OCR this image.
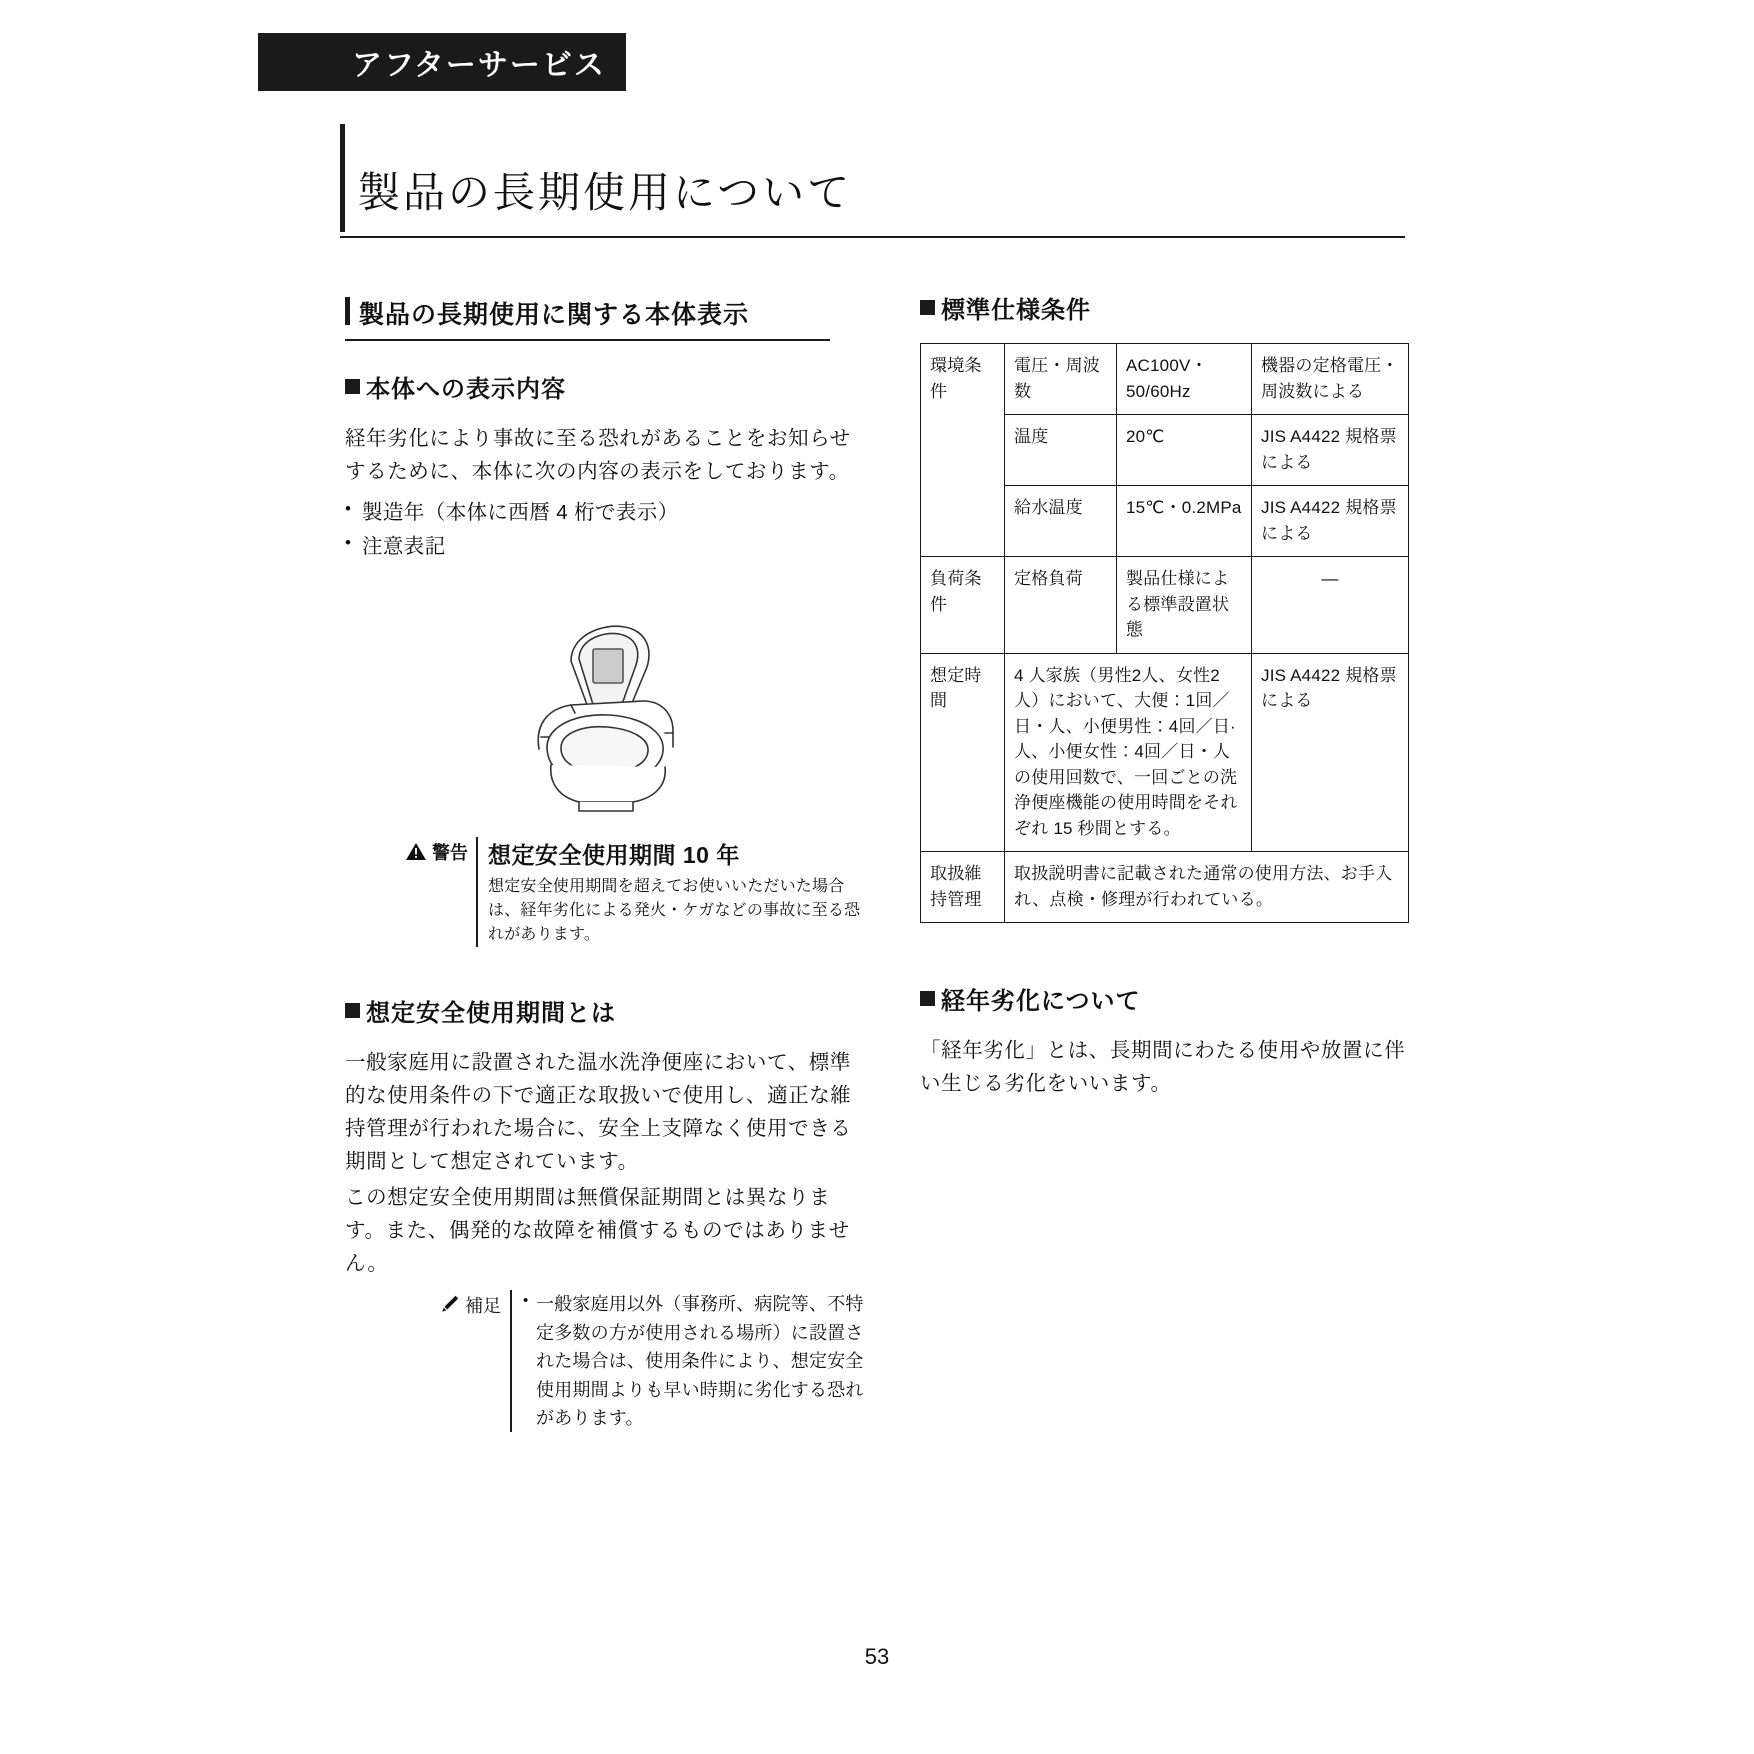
アフターサービス
製品の長期使用について
製品の長期使用に関する本体表示
本体への表示内容

経年劣化により事故に至る恐れがあることをお知らせするために、本体に次の内容の表示をしております。

• 製造年（本体に西暦 4 桁で表示）
• 注意表記
警告 想定安全使用期間 10 年
想定安全使用期間を超えてお使いいただいた場合は、経年劣化による発火・ケガなどの事故に至る恐れがあります。
想定安全使用期間とは

一般家庭用に設置された温水洗浄便座において、標準的な使用条件の下で適正な取扱いで使用し、適正な維持管理が行われた場合に、安全上支障なく使用できる期間として想定されています。

この想定安全使用期間は無償保証期間とは異なります。また、偶発的な故障を補償するものではありません。

補足 • 一般家庭用以外（事務所、病院等、不特定多数の方が使用される場所）に設置された場合は、使用条件により、想定安全使用期間よりも早い時期に劣化する恐れがあります。
標準仕様条件
環境条件	電圧・周波数	AC100V・50/60Hz	機器の定格電圧・周波数による
	温度	20℃	JIS A4422 規格票による
	給水温度	15℃・0.2MPa	JIS A4422 規格票による
負荷条件	定格負荷	製品仕様による標準設置状態	—
想定時間	4 人家族（男性2人、女性2人）において、大便：1回／日・人、小便男性：4回／日·人、小便女性：4回／日・人の使用回数で、一回ごとの洗浄便座機能の使用時間をそれぞれ 15 秒間とする。		JIS A4422 規格票による
取扱維持管理	取扱説明書に記載された通常の使用方法、お手入れ、点検・修理が行われている。		
経年劣化について

「経年劣化」とは、長期間にわたる使用や放置に伴い生じる劣化をいいます。

53
